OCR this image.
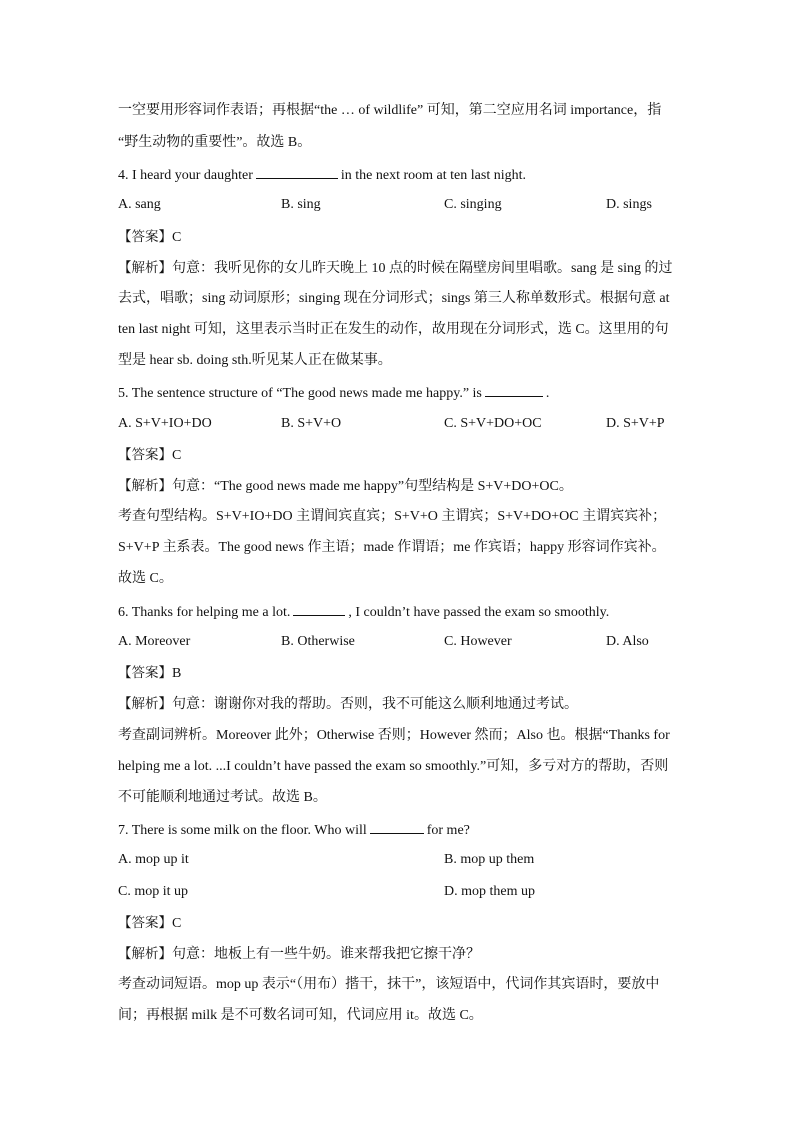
一空要用形容词作表语；再根据“the … of wildlife” 可知，第二空应用名词 importance，指
“野生动物的重要性”。故选 B。
4. I heard your daughter	in the next room at ten last night.
A. sang	B. sing	C. singing	D. sings
【答案】C
【解析】句意：我听见你的女儿昨天晚上 10 点的时候在隔壁房间里唱歌。sang 是 sing 的过
去式，唱歌；sing 动词原形；singing 现在分词形式；sings 第三人称单数形式。根据句意 at
ten last night 可知，这里表示当时正在发生的动作，故用现在分词形式，选 C。这里用的句
型是 hear sb. doing sth.听见某人正在做某事。
5. The sentence structure of “The good news made me happy.” is	.
A. S+V+IO+DO	B. S+V+O	C. S+V+DO+OC	D. S+V+P
【答案】C
【解析】句意：“The good news made me happy”句型结构是 S+V+DO+OC。
考查句型结构。S+V+IO+DO 主谓间宾直宾；S+V+O 主谓宾；S+V+DO+OC 主谓宾宾补；
S+V+P 主系表。The good news 作主语；made 作谓语；me 作宾语；happy 形容词作宾补。
故选 C。
6. Thanks for helping me a lot.	, I couldn’t have passed the exam so smoothly.
A. Moreover	B. Otherwise	C. However	D. Also
【答案】B
【解析】句意：谢谢你对我的帮助。否则，我不可能这么顺利地通过考试。
考查副词辨析。Moreover 此外；Otherwise 否则；However 然而；Also 也。根据“Thanks for
helping me a lot. ...I couldn’t have passed the exam so smoothly.”可知，多亏对方的帮助，否则
不可能顺利地通过考试。故选 B。
7. There is some milk on the floor. Who will	for me?
A. mop up it	B. mop up them
C. mop it up	D. mop them up
【答案】C
【解析】句意：地板上有一些牛奶。谁来帮我把它擦干净？
考查动词短语。mop up 表示“（用布）揩干，抹干”，该短语中，代词作其宾语时，要放中
间；再根据 milk 是不可数名词可知，代词应用 it。故选 C。
